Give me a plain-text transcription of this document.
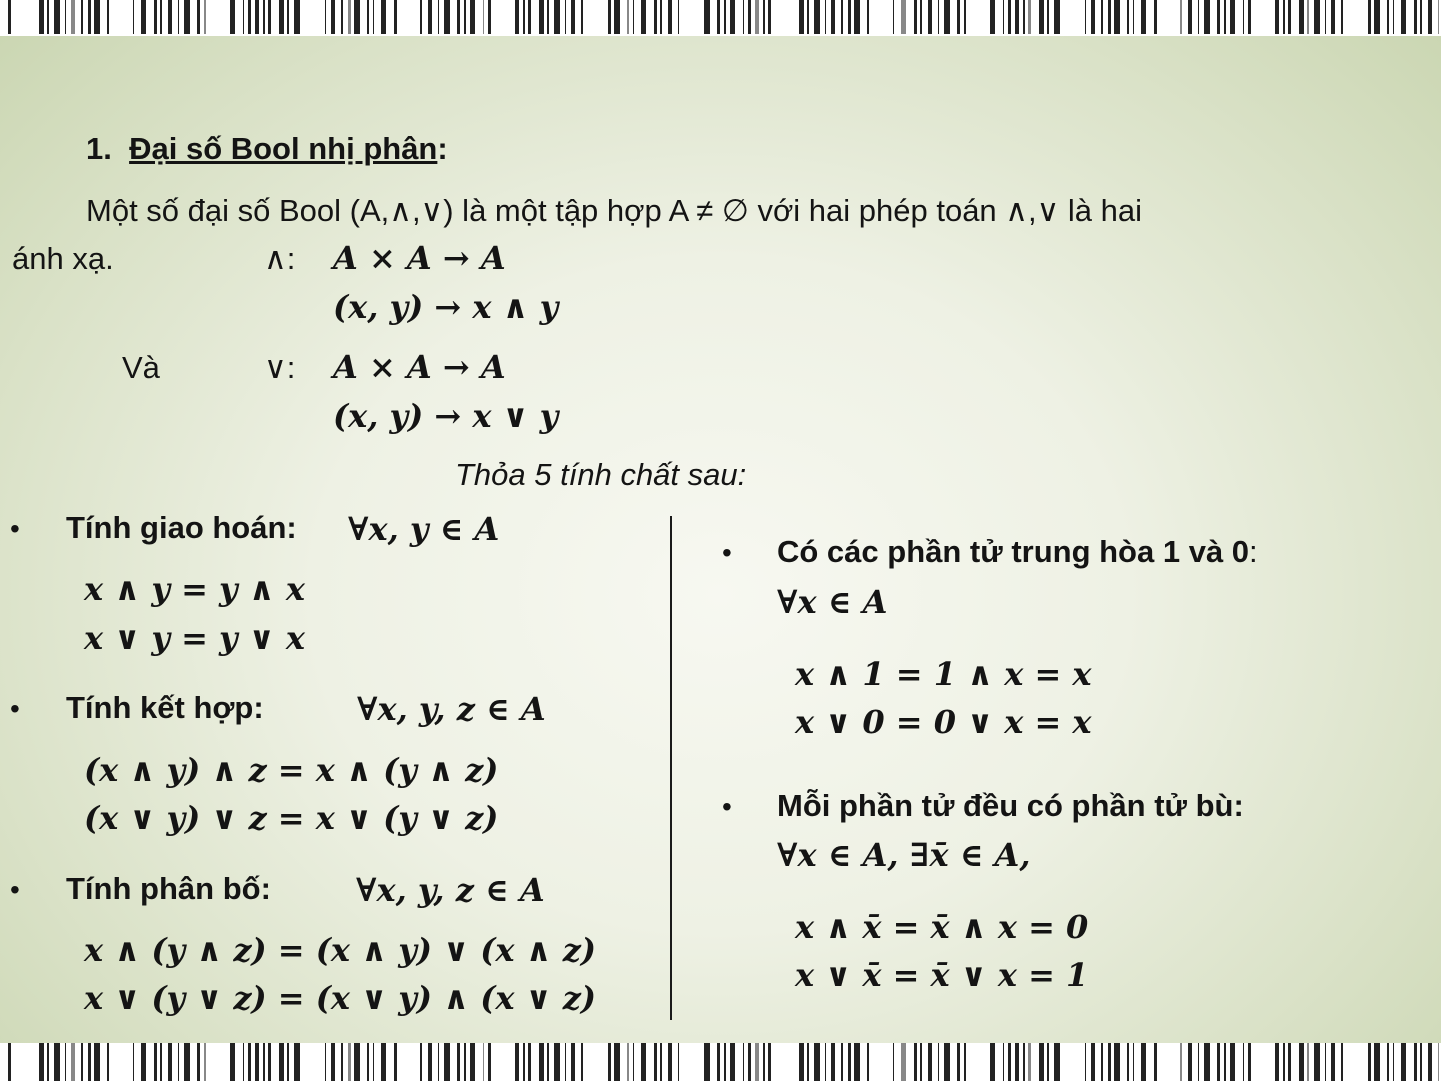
1. Đại số Bool nhị phân:
Một số đại số Bool (A,∧,∨) là một tập hợp A ≠ ∅ với hai phép toán ∧,∨ là hai
ánh xạ.	∧: A × A → A
(x, y) → x ∧ y
Và	∨: A × A → A
(x, y) → x ∨ y
Thỏa 5 tính chất sau:
• Tính giao hoán: ∀x, y ∈ A
x ∧ y = y ∧ x
x ∨ y = y ∨ x
• Tính kết hợp:	∀x, y, z ∈ A
(x ∧ y) ∧ z = x ∧ (y ∧ z)
(x ∨ y) ∨ z = x ∨ (y ∨ z)
• Tính phân bố:	∀x, y, z ∈ A
x ∧ (y ∧ z) = (x ∧ y) ∨ (x ∧ z)
x ∨ (y ∨ z) = (x ∨ y) ∧ (x ∨ z)
• Có các phần tử trung hòa 1 và 0:
∀x ∈ A
x ∧ 1 = 1 ∧ x = x
x ∨ 0 = 0 ∨ x = x
• Mỗi phần tử đều có phần tử bù:
∀x ∈ A, ∃x̄ ∈ A,
x ∧ x̄ = x̄ ∧ x = 0
x ∨ x̄ = x̄ ∨ x = 1
